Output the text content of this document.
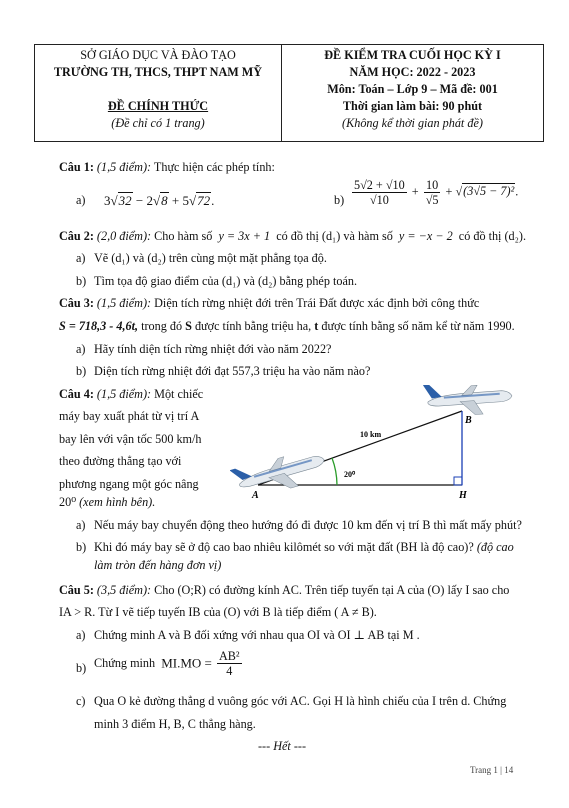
SỞ GIÁO DỤC VÀ ĐÀO TẠO
TRƯỜNG TH, THCS, THPT NAM MỸ
ĐỀ CHÍNH THỨC
(Đề chỉ có 1 trang)
ĐỀ KIỂM TRA CUỐI HỌC KỲ I
NĂM HỌC: 2022 - 2023
Môn: Toán – Lớp 9 – Mã đề: 001
Thời gian làm bài: 90 phút
(Không kể thời gian phát đề)
Câu 1: (1,5 điểm): Thực hiện các phép tính:
a) 3√32 − 2√8 + 5√72.	$b) \frac{5√2 + √10}{√10} + \frac{10}{√5} + √(3√5 - 7)^2$.
Câu 2: (2,0 điểm): Cho hàm số y = 3x + 1 có đồ thị (d₁) và hàm số y = −x − 2 có đồ thị (d₂).
a) Vẽ (d₁) và (d₂) trên cùng một mặt phẳng tọa độ.
b) Tìm tọa độ giao điểm của (d₁) và (d₂) bằng phép toán.
Câu 3: (1,5 điểm): Diện tích rừng nhiệt đới trên Trái Đất được xác định bởi công thức
S = 718,3 - 4,6t, trong đó S được tính bằng triệu ha, t được tính bằng số năm kể từ năm 1990.
a) Hãy tính diện tích rừng nhiệt đới vào năm 2022?
b) Diện tích rừng nhiệt đới đạt 557,3 triệu ha vào năm nào?
Câu 4: (1,5 điểm): Một chiếc
máy bay xuất phát từ vị trí A
bay lên với vận tốc 500 km/h
theo đường thẳng tạo với
phương ngang một góc nâng
20⁰ (xem hình bên).
20⁰
10 km
A	H
B
a) Nếu máy bay chuyển động theo hướng đó đi được 10 km đến vị trí B thì mất mấy phút?
b) Khi đó máy bay sẽ ở độ cao bao nhiêu kilômét so với mặt đất (BH là độ cao)? (độ cao
làm tròn đến hàng đơn vị)
Câu 5: (3,5 điểm): Cho (O;R) có đường kính AC. Trên tiếp tuyến tại A của (O) lấy I sao cho
IA > R. Từ I vẽ tiếp tuyến IB của (O) với B là tiếp điểm ( A ≠ B).
a) Chứng minh A và B đối xứng với nhau qua OI và OI ⊥ AB tại M .
b) Chứng minh $MI.MO = \frac{\text{AB²}}{4}$
c) Qua O kẻ đường thẳng d vuông góc với AC. Gọi H là hình chiếu của I trên d. Chứng
minh 3 điểm H, B, C thẳng hàng.
--- Hết ---
Trang 1 | 14
